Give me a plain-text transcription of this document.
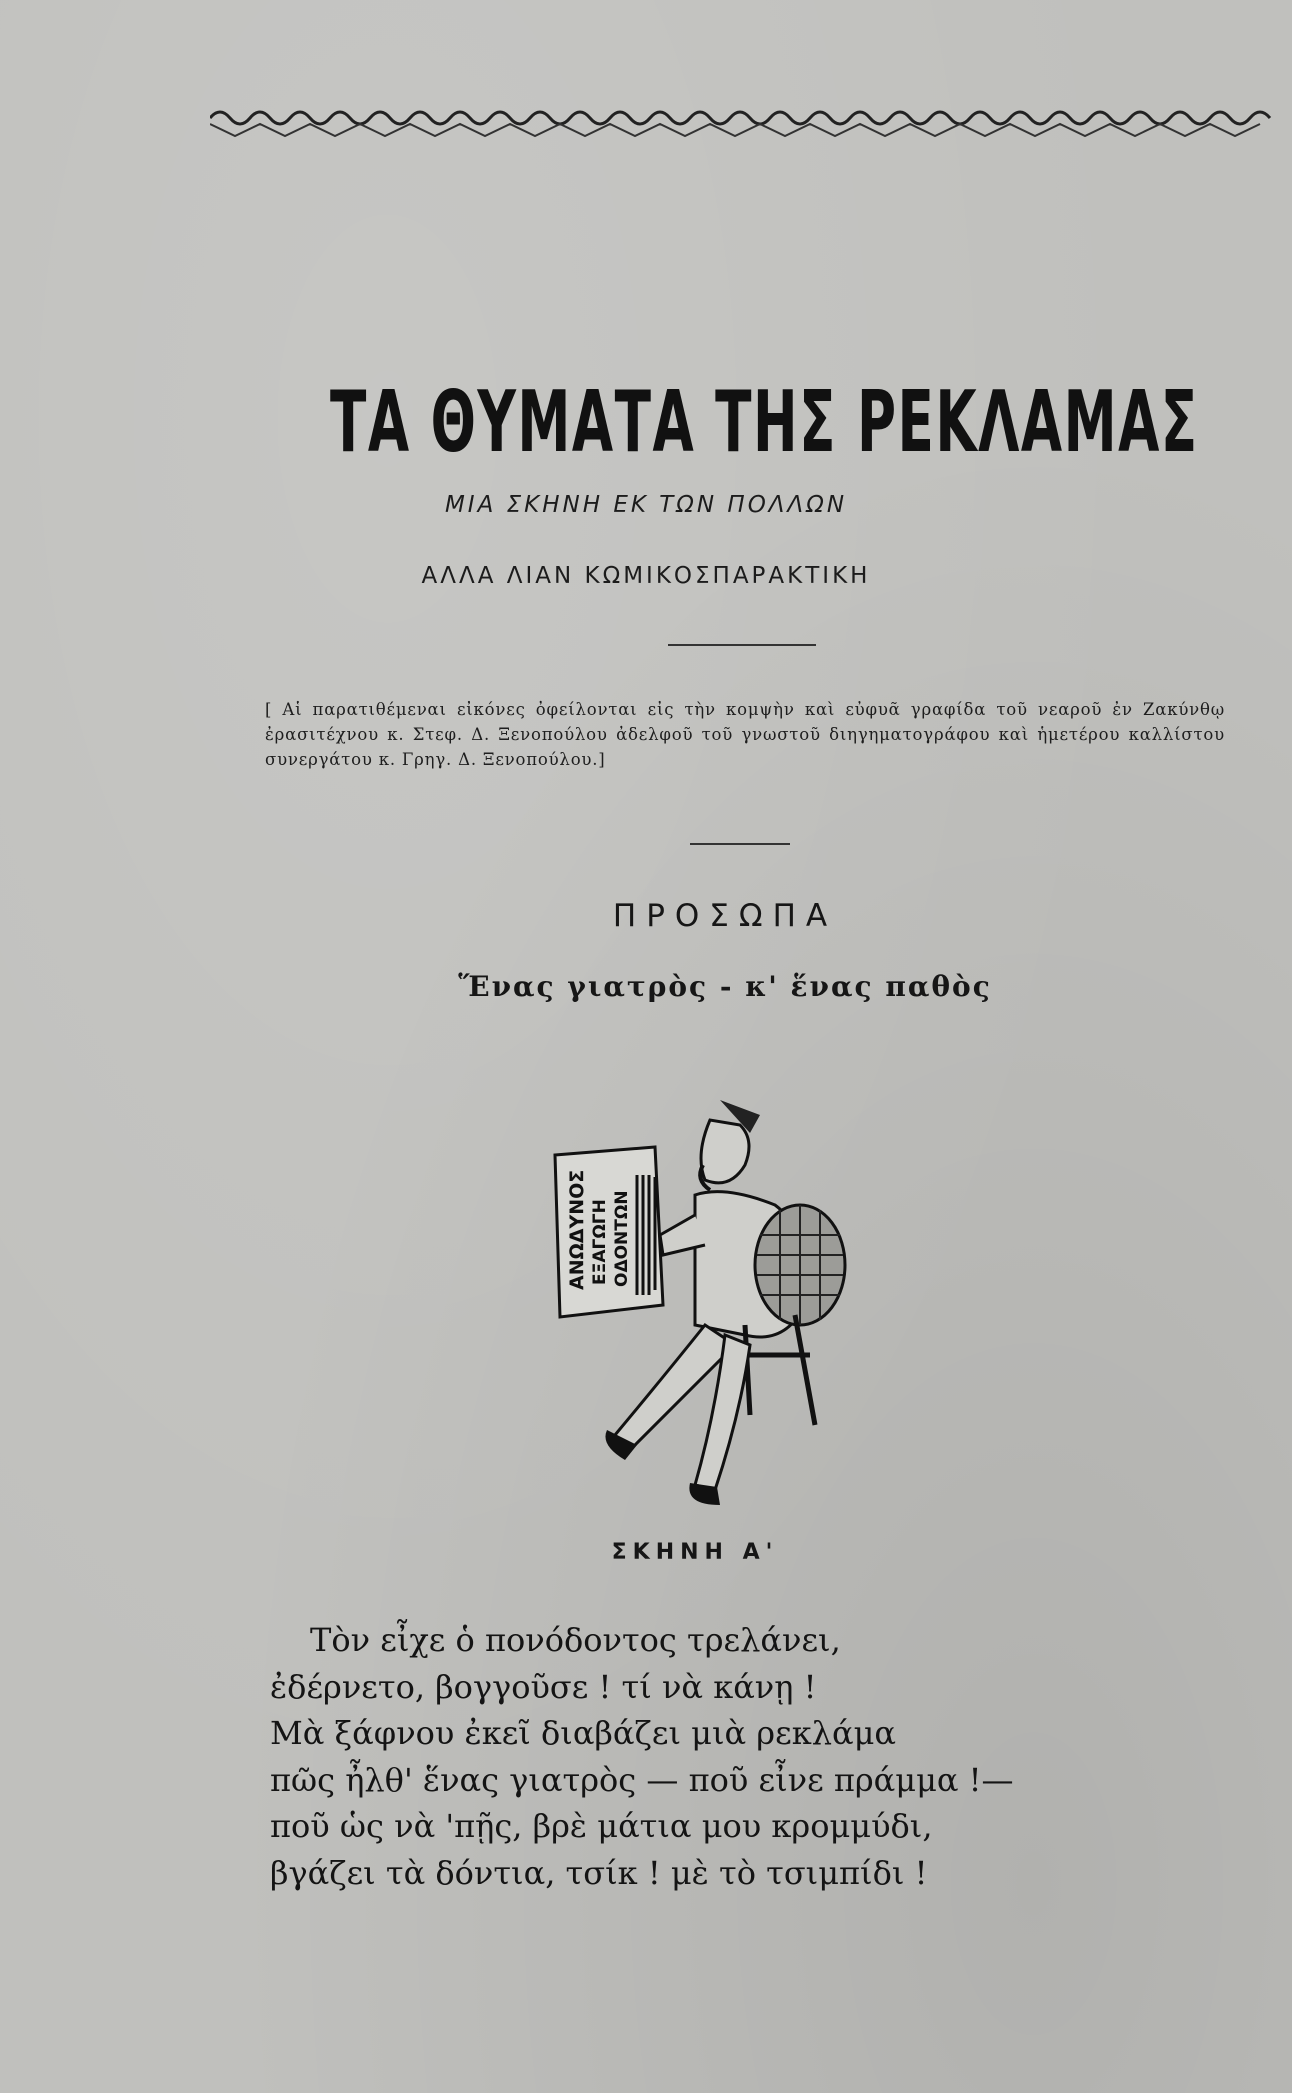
ΤΑ ΘΥΜΑΤΑ ΤΗΣ ΡΕΚΛΑΜΑΣ
ΜΙΑ ΣΚΗΝΗ ΕΚ ΤΩΝ ΠΟΛΛΩΝ
ΑΛΛΑ ΛΙΑΝ ΚΩΜΙΚΟΣΠΑΡΑΚΤΙΚΗ
[ Αἱ παρατιθέμεναι εἰκόνες ὀφείλονται εἰς τὴν κομψὴν καὶ εὐφυᾶ γραφίδα τοῦ νεαροῦ ἐν Ζακύνθῳ ἐρασιτέχνου κ. Στεφ. Δ. Ξενοπούλου ἀδελφοῦ τοῦ γνωστοῦ διηγηματογράφου καὶ ἡμετέρου καλλίστου συνεργάτου κ. Γρηγ. Δ. Ξενοπούλου.]
ΠΡΟΣΩΠΑ
Ἕνας γιατρὸς - κ' ἕνας παθὸς
ΑΝΩΔΥΝΟΣ ΕΞΑΓΩΓΗ ΟΔΟΝΤΩΝ
ΣΚΗΝΗ Α'
Τὸν εἶχε ὁ πονόδοντος τρελάνει,
ἐδέρνετο, βογγοῦσε ! τί νὰ κάνῃ !
Μὰ ξάφνου ἐκεῖ διαβάζει μιὰ ρεκλάμα
πῶς ἦλθ' ἕνας γιατρὸς — ποῦ εἶνε πράμμα !—
ποῦ ὡς νὰ 'πῇς, βρὲ μάτια μου κρομμύδι,
βγάζει τὰ δόντια, τσίκ ! μὲ τὸ τσιμπίδι !
